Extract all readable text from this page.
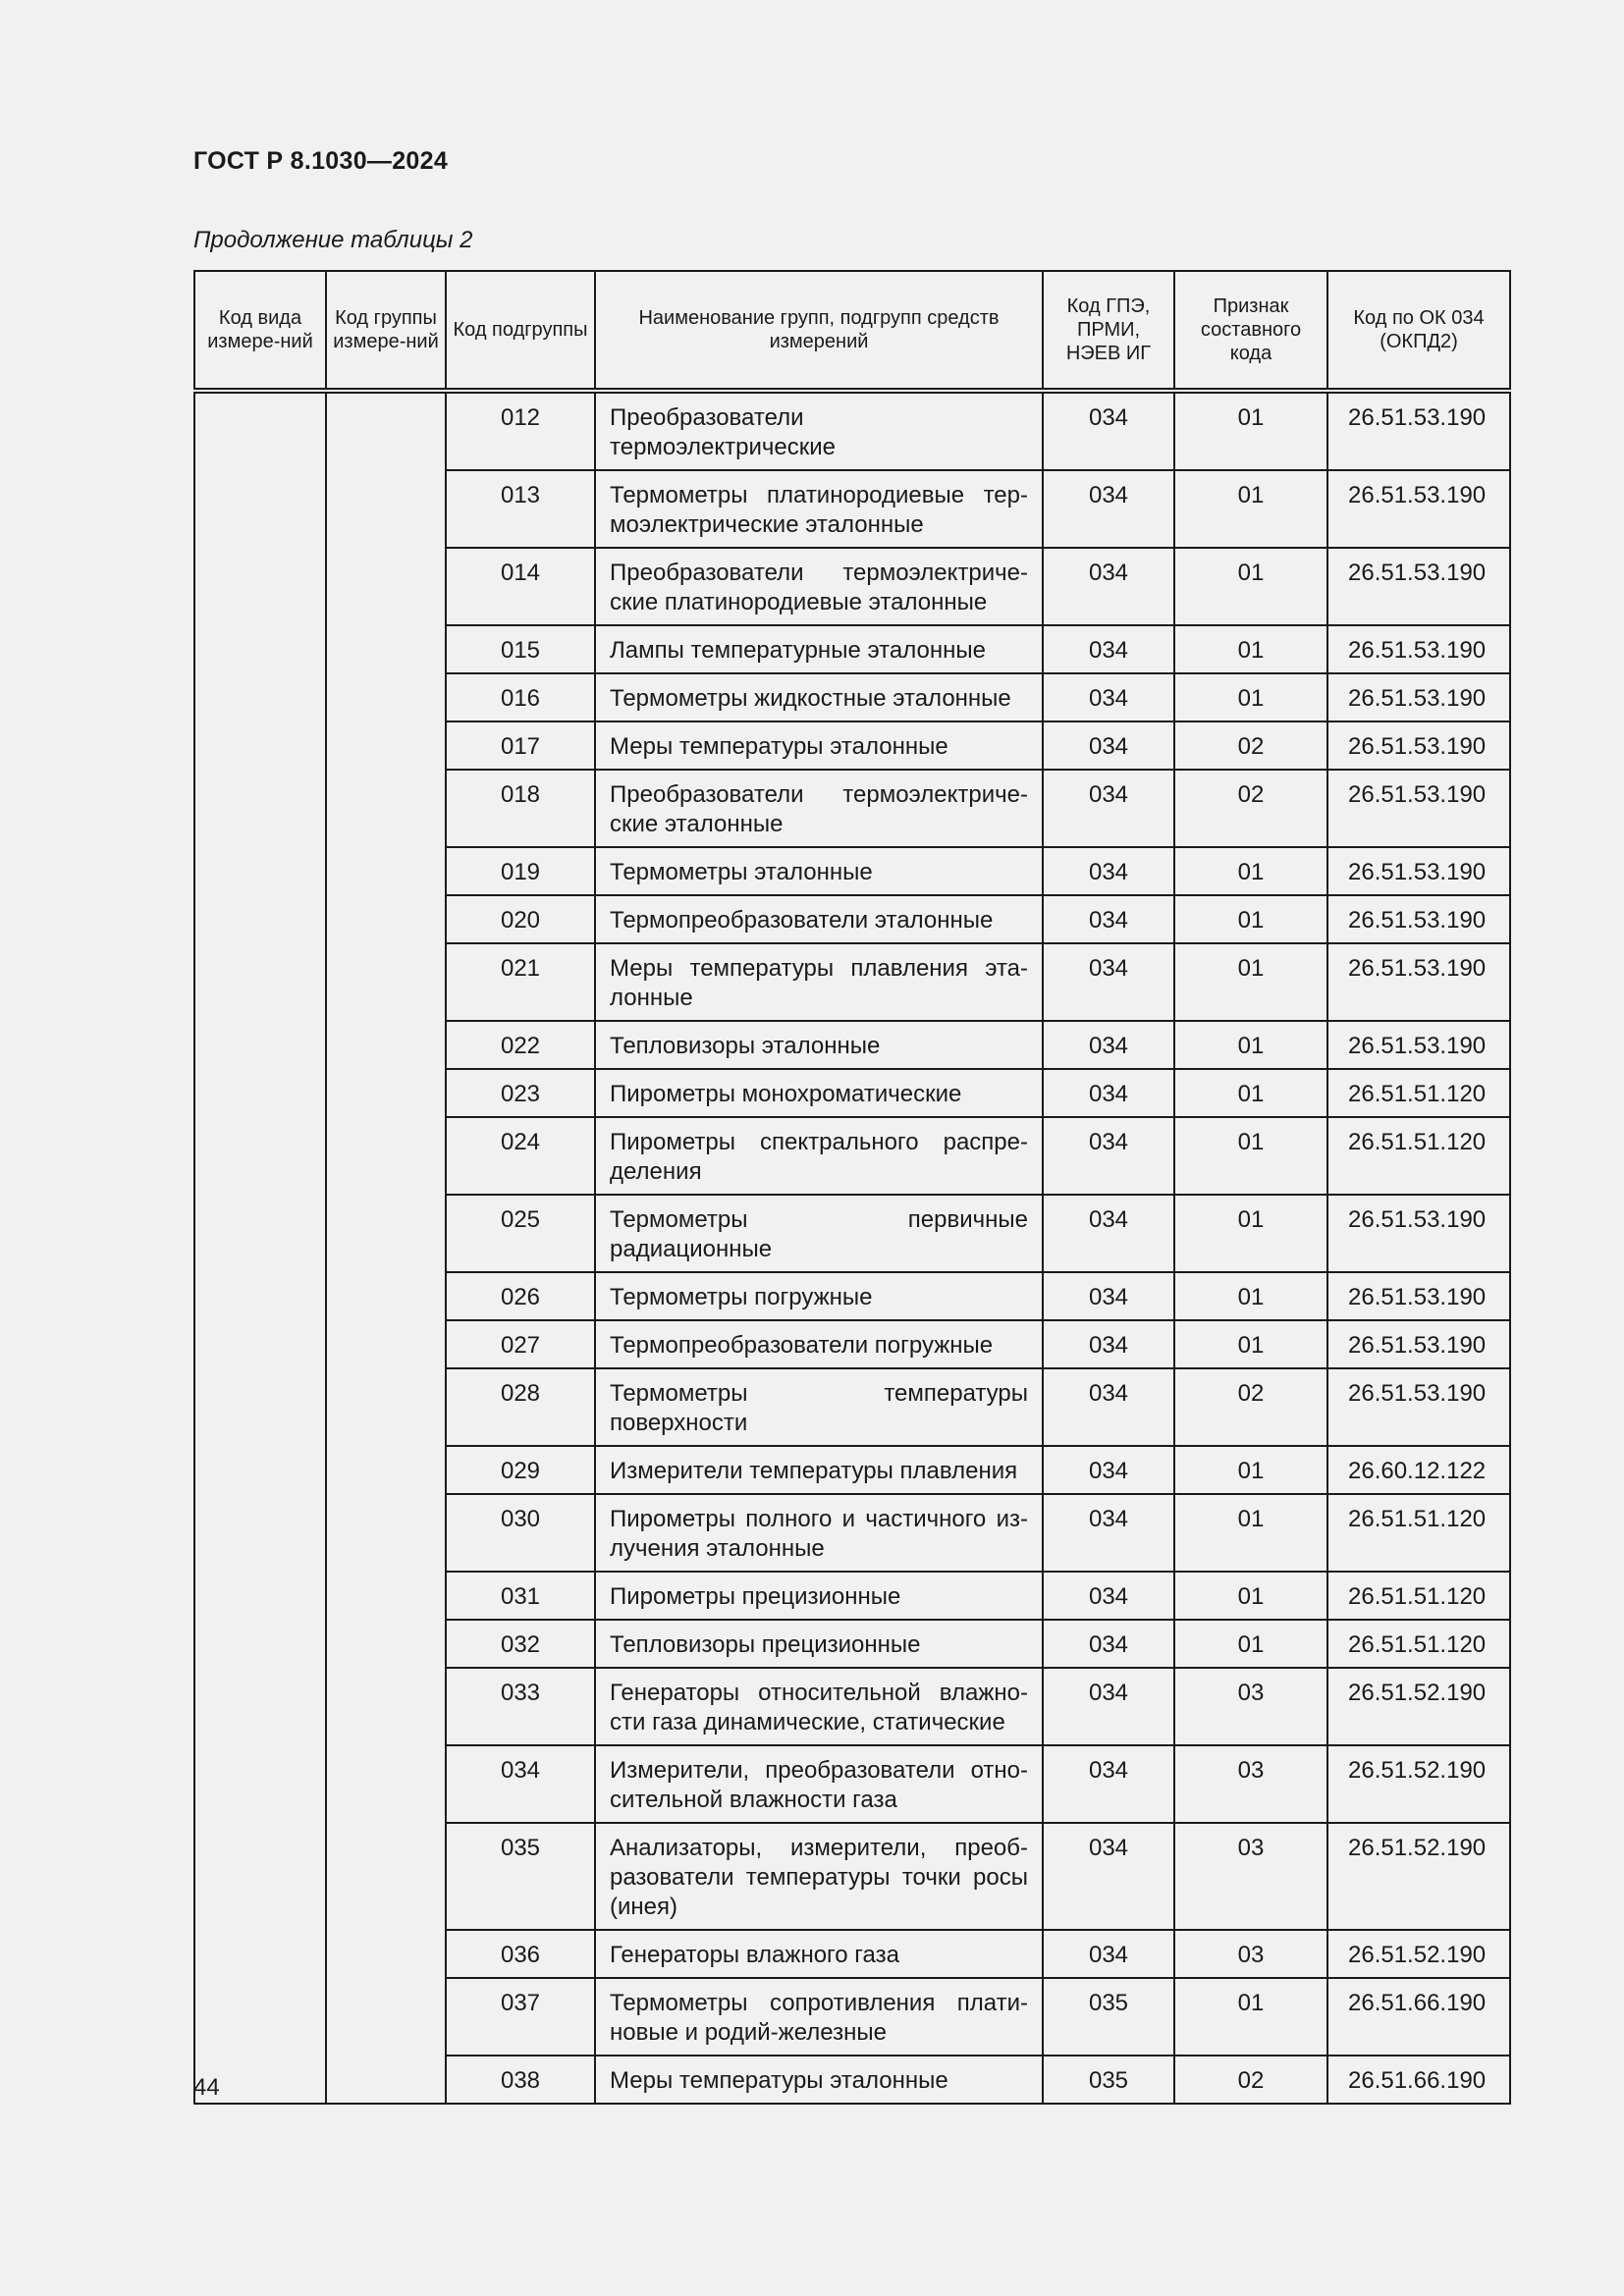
ГОСТ Р 8.1030—2024
Продолжение таблицы 2
Код вида измере-ний	Код группы измере-ний	Код подгруппы	Наименование групп, подгрупп средств измерений	Код ГПЭ, ПРМИ, НЭЕВ ИГ	Признак составного кода	Код по ОК 034 (ОКПД2)
		012	Преобразователи термоэлектрические	034	01	26.51.53.190
		013	Термометры платинородиевые тер-моэлектрические эталонные	034	01	26.51.53.190
		014	Преобразователи термоэлектриче-ские платинородиевые эталонные	034	01	26.51.53.190
		015	Лампы температурные эталонные	034	01	26.51.53.190
		016	Термометры жидкостные эталонные	034	01	26.51.53.190
		017	Меры температуры эталонные	034	02	26.51.53.190
		018	Преобразователи термоэлектриче-ские эталонные	034	02	26.51.53.190
		019	Термометры эталонные	034	01	26.51.53.190
		020	Термопреобразователи эталонные	034	01	26.51.53.190
		021	Меры температуры плавления эта-лонные	034	01	26.51.53.190
		022	Тепловизоры эталонные	034	01	26.51.53.190
		023	Пирометры монохроматические	034	01	26.51.51.120
		024	Пирометры спектрального распре-деления	034	01	26.51.51.120
		025	Термометры первичные радиационные	034	01	26.51.53.190
		026	Термометры погружные	034	01	26.51.53.190
		027	Термопреобразователи погружные	034	01	26.51.53.190
		028	Термометры температуры поверхности	034	02	26.51.53.190
		029	Измерители температуры плавления	034	01	26.60.12.122
		030	Пирометры полного и частичного из-лучения эталонные	034	01	26.51.51.120
		031	Пирометры прецизионные	034	01	26.51.51.120
		032	Тепловизоры прецизионные	034	01	26.51.51.120
		033	Генераторы относительной влажно-сти газа динамические, статические	034	03	26.51.52.190
		034	Измерители, преобразователи отно-сительной влажности газа	034	03	26.51.52.190
		035	Анализаторы, измерители, преоб-разователи температуры точки росы (инея)	034	03	26.51.52.190
		036	Генераторы влажного газа	034	03	26.51.52.190
		037	Термометры сопротивления плати-новые и родий-железные	035	01	26.51.66.190
		038	Меры температуры эталонные	035	02	26.51.66.190
44
